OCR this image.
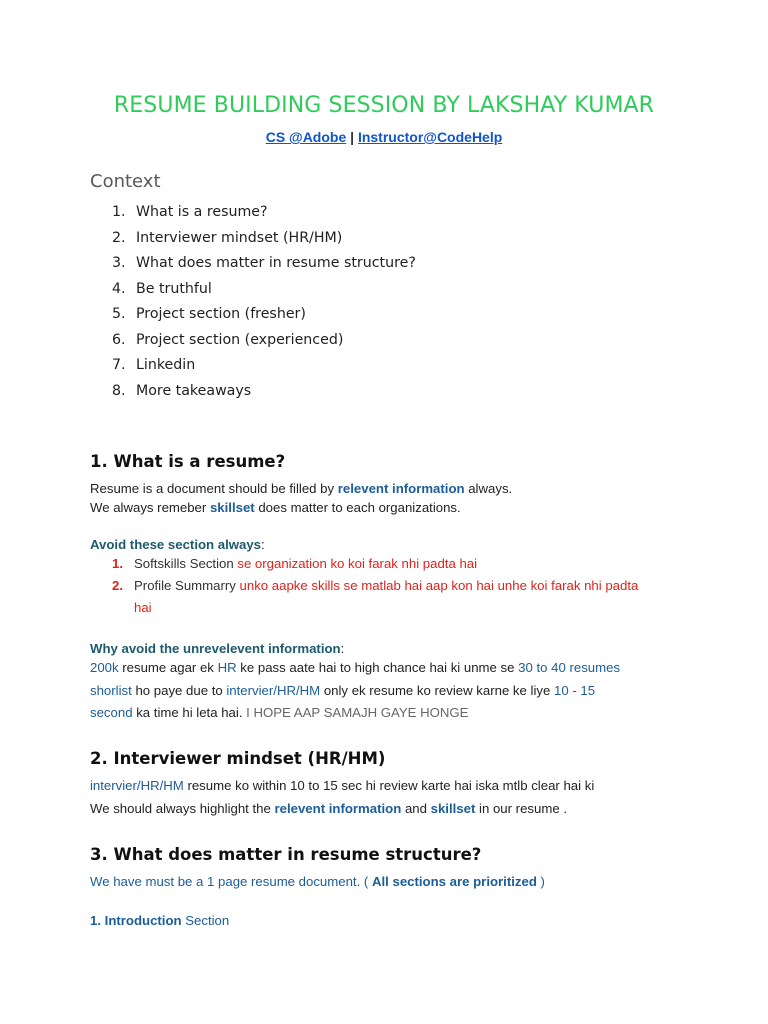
RESUME BUILDING SESSION BY LAKSHAY KUMAR
CS @Adobe | Instructor@CodeHelp
Context
1. What is a resume?
2. Interviewer mindset (HR/HM)
3. What does matter in resume structure?
4. Be truthful
5. Project section (fresher)
6. Project section (experienced)
7. Linkedin
8. More takeaways
1. What is a resume?
Resume is a document should be filled by relevent information always.
We always remeber skillset does matter to each organizations.
Avoid these section always:
1. Softskills Section se organization ko koi farak nhi padta hai
2. Profile Summarry unko aapke skills se matlab hai aap kon hai unhe koi farak nhi padta
hai
Why avoid the unrevelevent information:
200k resume agar ek HR ke pass aate hai to high chance hai ki unme se 30 to 40 resumes
shorlist ho paye due to intervier/HR/HM only ek resume ko review karne ke liye 10 - 15
second ka time hi leta hai. I HOPE AAP SAMAJH GAYE HONGE
2. Interviewer mindset (HR/HM)
intervier/HR/HM resume ko within 10 to 15 sec hi review karte hai iska mtlb clear hai ki
We should always highlight the relevent information and skillset in our resume .
3. What does matter in resume structure?
We have must be a 1 page resume document. ( All sections are prioritized )
1. Introduction Section
